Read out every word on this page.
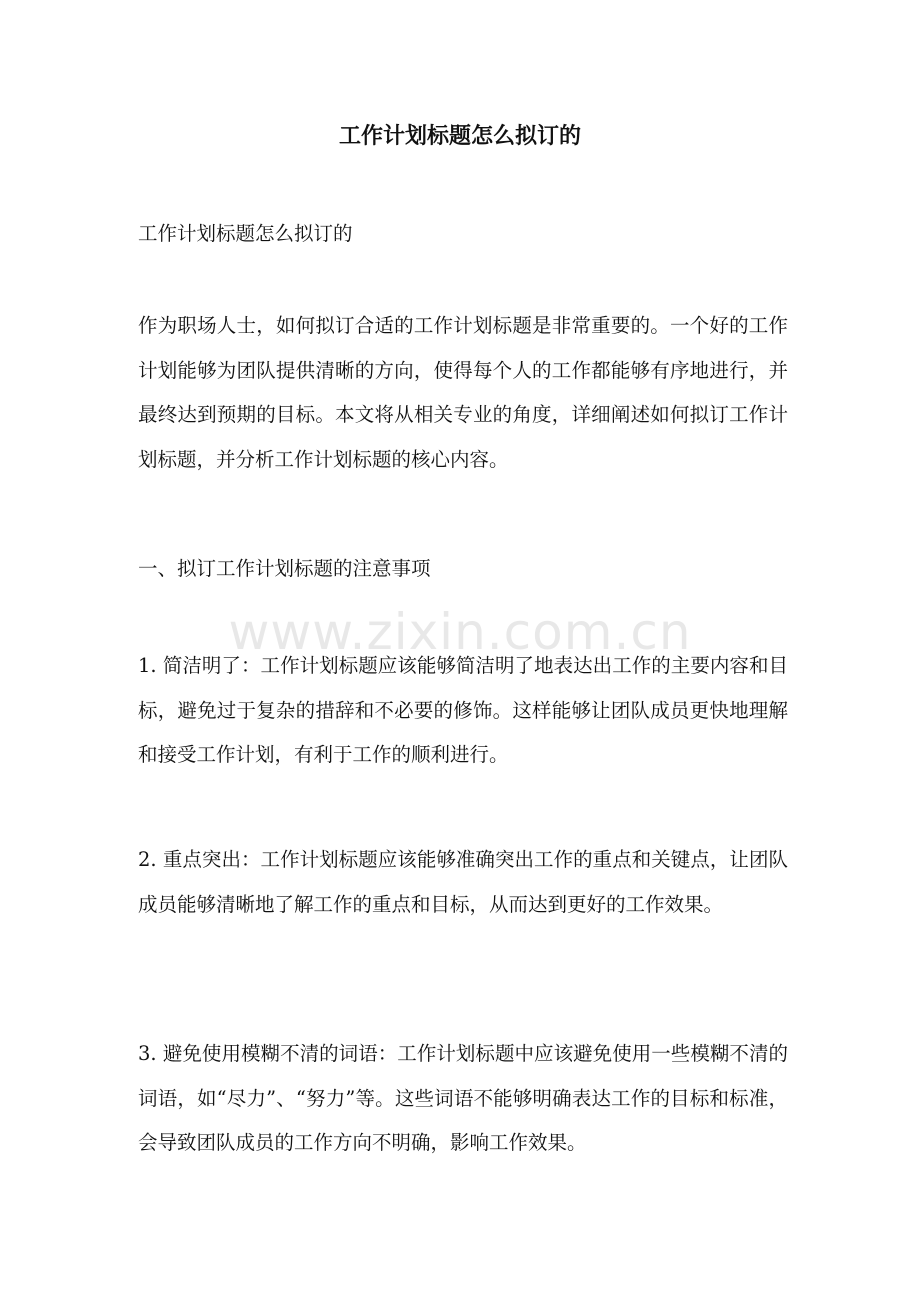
工作计划标题怎么拟订的

工作计划标题怎么拟订的

作为职场人士，如何拟订合适的工作计划标题是非常重要的。一个好的工作计划能够为团队提供清晰的方向，使得每个人的工作都能够有序地进行，并最终达到预期的目标。本文将从相关专业的角度，详细阐述如何拟订工作计划标题，并分析工作计划标题的核心内容。

一、拟订工作计划标题的注意事项

1. 简洁明了：工作计划标题应该能够简洁明了地表达出工作的主要内容和目标，避免过于复杂的措辞和不必要的修饰。这样能够让团队成员更快地理解和接受工作计划，有利于工作的顺利进行。

2. 重点突出：工作计划标题应该能够准确突出工作的重点和关键点，让团队成员能够清晰地了解工作的重点和目标，从而达到更好的工作效果。

3. 避免使用模糊不清的词语：工作计划标题中应该避免使用一些模糊不清的词语，如“尽力”、“努力”等。这些词语不能够明确表达工作的目标和标准，会导致团队成员的工作方向不明确，影响工作效果。

www.zixin.com.cn
